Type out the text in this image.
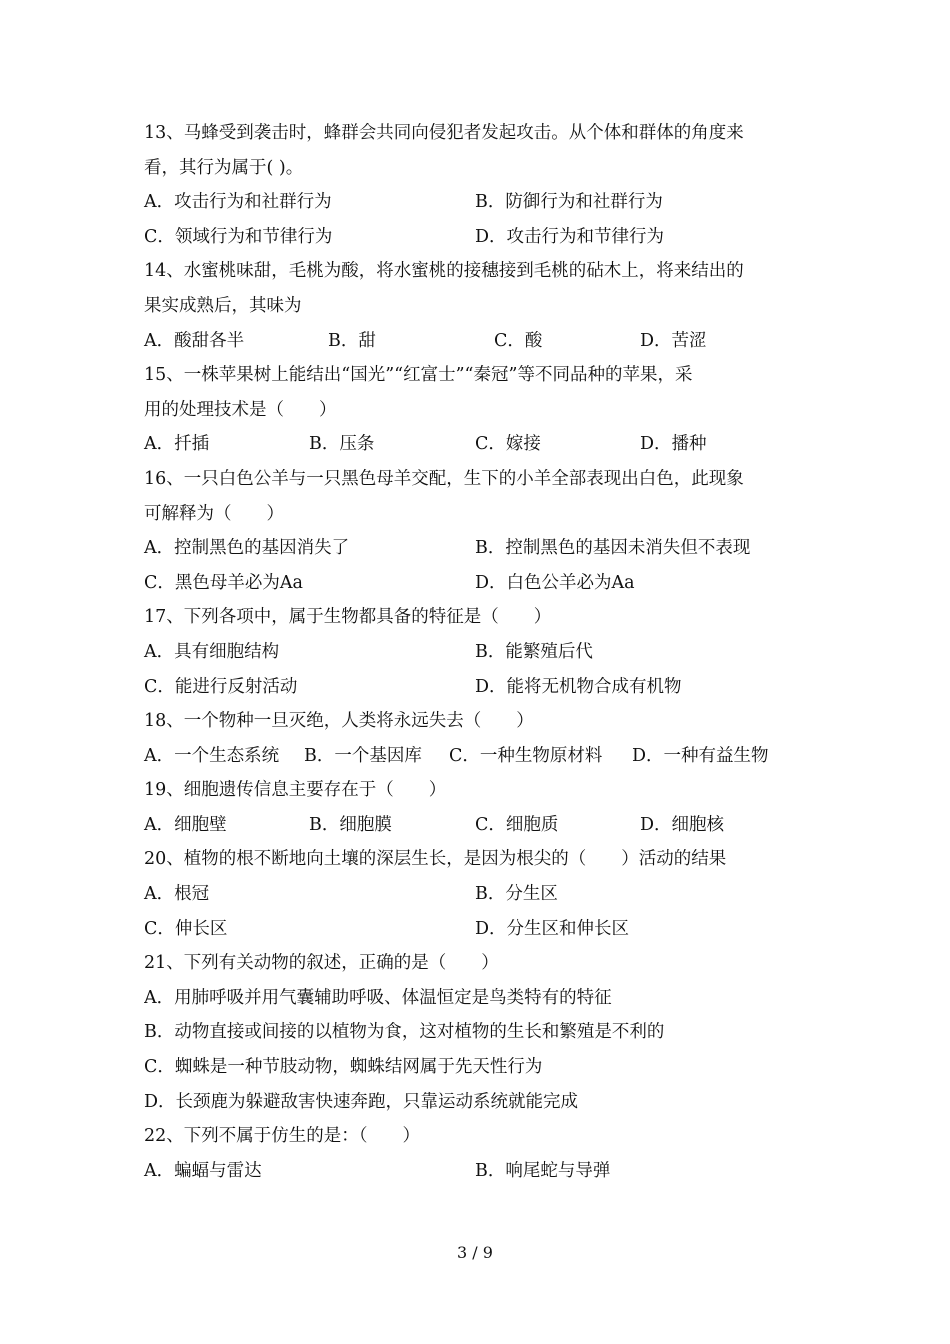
13、马蜂受到袭击时，蜂群会共同向侵犯者发起攻击。从个体和群体的角度来
看，其行为属于( )。
A．攻击行为和社群行为	B．防御行为和社群行为
C．领域行为和节律行为	D．攻击行为和节律行为
14、水蜜桃味甜，毛桃为酸，将水蜜桃的接穗接到毛桃的砧木上，将来结出的
果实成熟后，其味为
A．酸甜各半	B．甜	C．酸	D．苦涩
15、一株苹果树上能结出“国光”“红富士”“秦冠”等不同品种的苹果，采
用的处理技术是（　　）
A．扦插	B．压条	C．嫁接	D．播种
16、一只白色公羊与一只黑色母羊交配，生下的小羊全部表现出白色，此现象
可解释为（　　）
A．控制黑色的基因消失了	B．控制黑色的基因未消失但不表现
C．黑色母羊必为Aa	D．白色公羊必为Aa
17、下列各项中，属于生物都具备的特征是（　　）
A．具有细胞结构	B．能繁殖后代
C．能进行反射活动	D．能将无机物合成有机物
18、一个物种一旦灭绝，人类将永远失去（　　）
A．一个生态系统 B．一个基因库 C．一种生物原材料 D．一种有益生物
19、细胞遗传信息主要存在于（　　）
A．细胞壁	B．细胞膜	C．细胞质	D．细胞核
20、植物的根不断地向土壤的深层生长，是因为根尖的（　　）活动的结果
A．根冠	B．分生区
C．伸长区	D．分生区和伸长区
21、下列有关动物的叙述，正确的是（　　）
A．用肺呼吸并用气囊辅助呼吸、体温恒定是鸟类特有的特征
B．动物直接或间接的以植物为食，这对植物的生长和繁殖是不利的
C．蜘蛛是一种节肢动物，蜘蛛结网属于先天性行为
D．长颈鹿为躲避敌害快速奔跑，只靠运动系统就能完成
22、下列不属于仿生的是：（　　）
A．蝙蝠与雷达	B．响尾蛇与导弹
3 / 9
